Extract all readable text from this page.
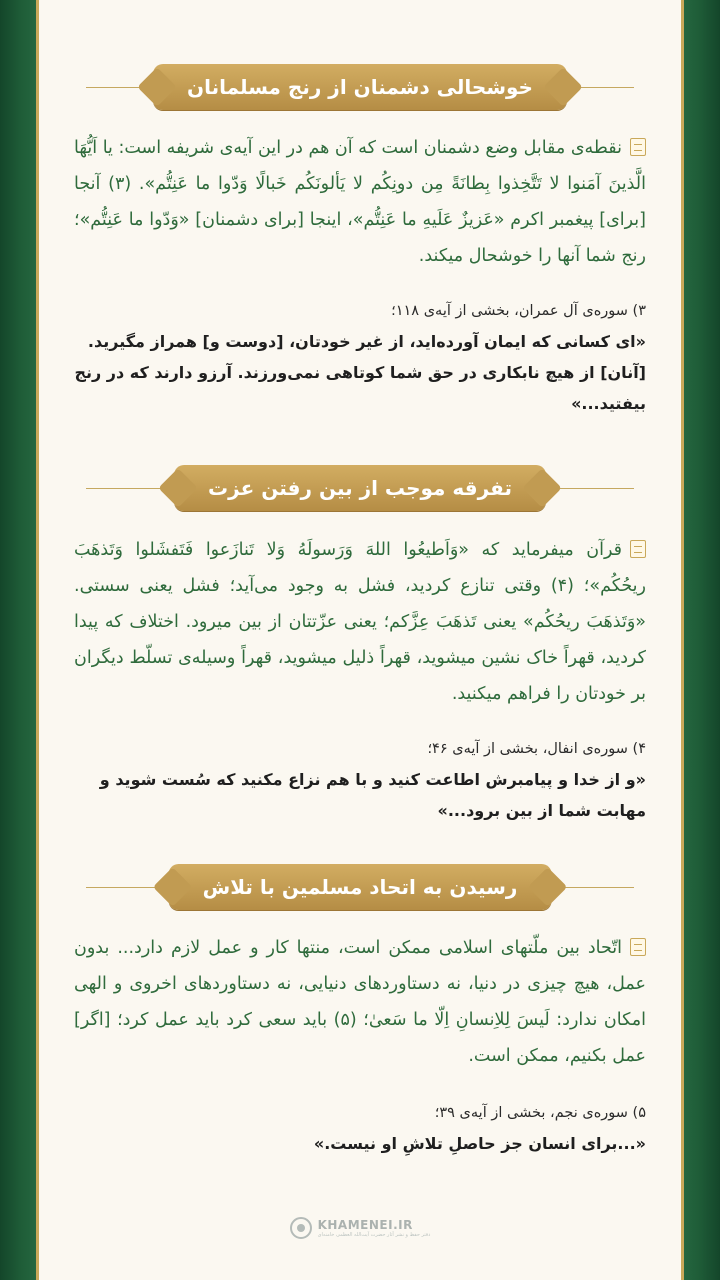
خوشحالی دشمنان از رنج مسلمانان
نقطه‌ی مقابل وضع دشمنان است که آن هم در این آیه‌ی شریفه است: یا اَیُّهَا الَّذینَ آمَنوا لا تَتَّخِذوا بِطانَةً مِن دونِکُم لا یَألونَکُم خَبالًا وَدّوا ما عَنِتُّم». (۳) آنجا [برای] پیغمبر اکرم «عَزیزٌ عَلَیهِ ما عَنِتُّم»، اینجا [برای دشمنان] «وَدّوا ما عَنِتُّم»؛ رنج شما آنها را خوشحال میکند.
۳) سوره‌ی آل عمران، بخشی از آیه‌ی ۱۱۸؛
«ای کسانی که ایمان آورده‌اید، از غیر خودتان، [دوست و] همراز مگیرید. [آنان] از هیچ نابکاری در حق شما کوتاهی نمی‌ورزند. آرزو دارند که در رنج بیفتید...»
تفرقه موجب از بین رفتن عزت
قرآن میفرماید که «وَاَطیعُوا اللهَ وَرَسولَهُ وَلا تَنازَعوا فَتَفشَلوا وَتَذهَبَ ریحُکُم»؛ (۴) وقتی تنازع کردید، فشل به وجود می‌آید؛ فشل یعنی سستی. «وَتَذهَبَ ریحُکُم» یعنی تَذهَبَ عِزَّکم؛ یعنی عزّتتان از بین میرود. اختلاف که پیدا کردید، قهراً خاک نشین میشوید، قهراً ذلیل میشوید، قهراً وسیله‌ی تسلّط دیگران بر خودتان را فراهم میکنید.
۴) سوره‌ی انفال، بخشی از آیه‌ی ۴۶؛
«و از خدا و پیامبرش اطاعت کنید و با هم نزاع مکنید که سُست شوید و مهابت شما از بین برود...»
رسیدن به اتحاد مسلمین با تلاش
اتّحاد بین ملّتهای اسلامی ممکن است، منتها کار و عمل لازم دارد... بدون عمل، هیچ چیزی در دنیا، نه دستاوردهای دنیایی، نه دستاوردهای اخروی و الهی امکان ندارد: لَیسَ لِلاِنسانِ اِلّا ما سَعیٰ؛ (۵) باید سعی کرد باید عمل کرد؛ [اگر] عمل بکنیم، ممکن است.
۵) سوره‌ی نجم، بخشی از آیه‌ی ۳۹؛
«...برای انسان جز حاصلِ تلاشِ او نیست.»
KHAMENEI.IR
دفتر حفظ و نشر آثار حضرت آیت‌الله العظمی خامنه‌ای
